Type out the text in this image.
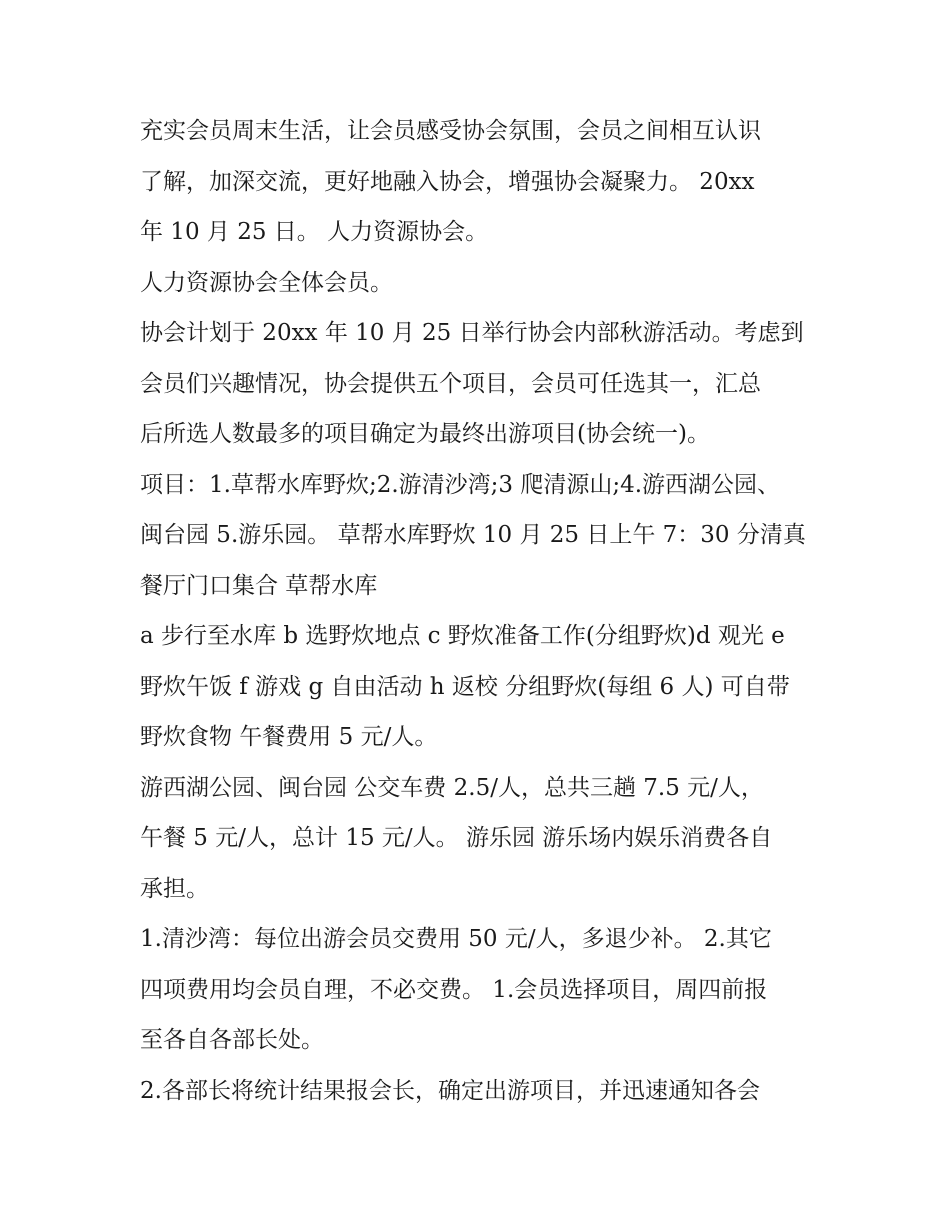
充实会员周末生活，让会员感受协会氛围，会员之间相互认识
了解，加深交流，更好地融入协会，增强协会凝聚力。 20xx
年 10 月 25 日。 人力资源协会。
人力资源协会全体会员。
协会计划于 20xx 年 10 月 25 日举行协会内部秋游活动。考虑到
会员们兴趣情况，协会提供五个项目，会员可任选其一，汇总
后所选人数最多的项目确定为最终出游项目(协会统一)。
项目：1.草帮水库野炊;2.游清沙湾;3 爬清源山;4.游西湖公园、
闽台园 5.游乐园。 草帮水库野炊 10 月 25 日上午 7：30 分清真
餐厅门口集合 草帮水库
a 步行至水库 b 选野炊地点 c 野炊准备工作(分组野炊)d 观光 e
野炊午饭 f 游戏 g 自由活动 h 返校 分组野炊(每组 6 人) 可自带
野炊食物 午餐费用 5 元/人。
游西湖公园、闽台园 公交车费 2.5/人，总共三趟 7.5 元/人，
午餐 5 元/人，总计 15 元/人。 游乐园 游乐场内娱乐消费各自
承担。
1.清沙湾：每位出游会员交费用 50 元/人，多退少补。 2.其它
四项费用均会员自理，不必交费。 1.会员选择项目，周四前报
至各自各部长处。
2.各部长将统计结果报会长，确定出游项目，并迅速通知各会
